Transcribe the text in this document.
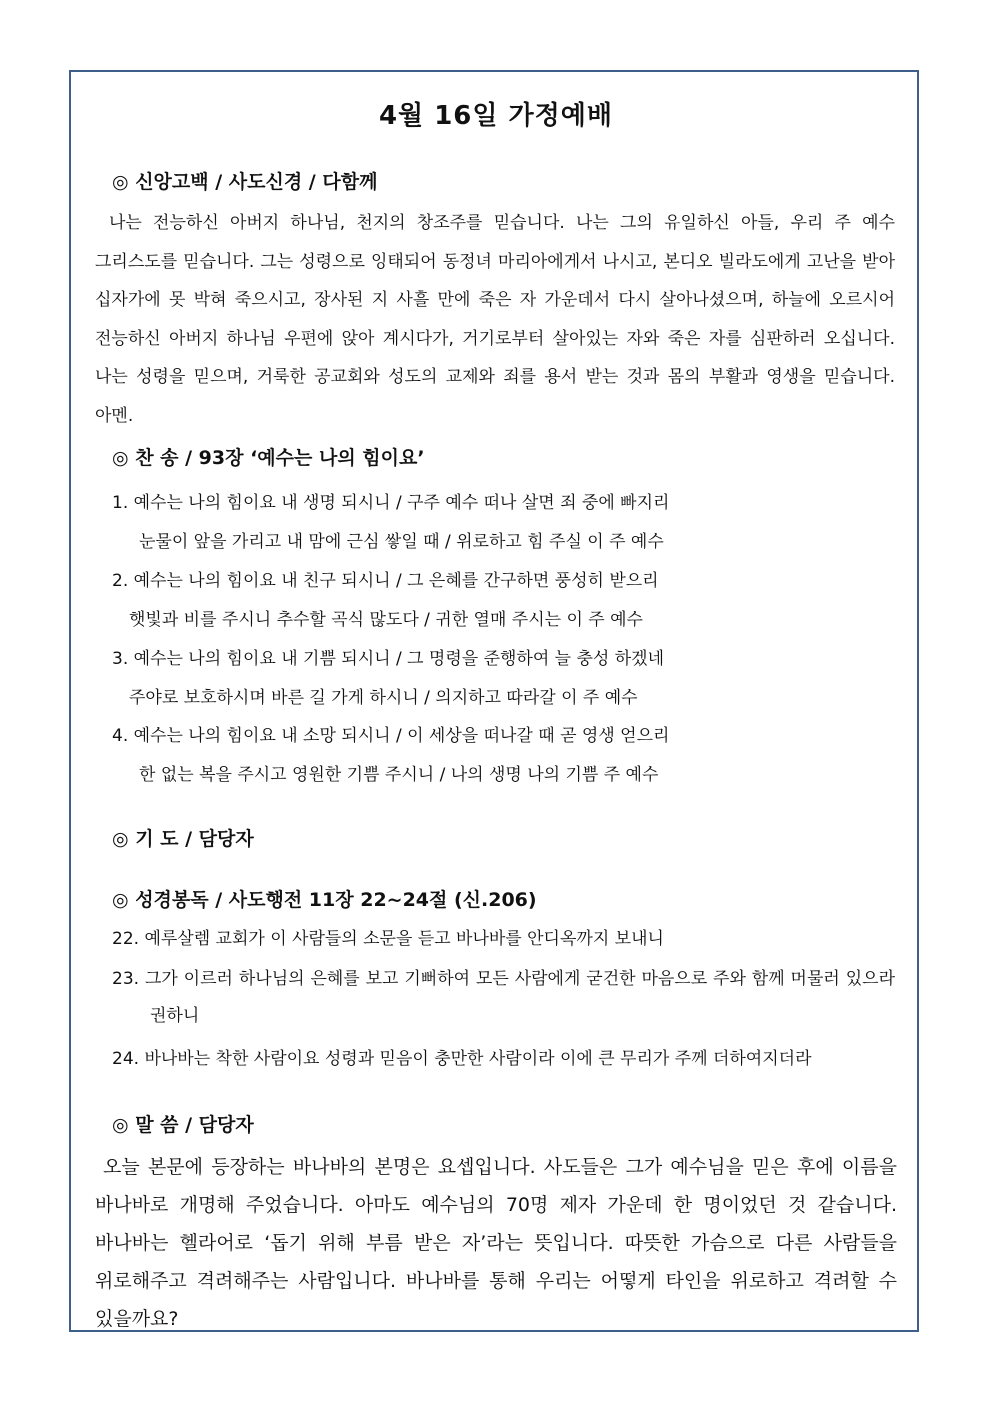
4월 16일 가정예배
◎ 신앙고백 / 사도신경 / 다함께

나는 전능하신 아버지 하나님, 천지의 창조주를 믿습니다. 나는 그의 유일하신 아들, 우리 주 예수 그리스도를 믿습니다. 그는 성령으로 잉태되어 동정녀 마리아에게서 나시고, 본디오 빌라도에게 고난을 받아 십자가에 못 박혀 죽으시고, 장사된 지 사흘 만에 죽은 자 가운데서 다시 살아나셨으며, 하늘에 오르시어 전능하신 아버지 하나님 우편에 앉아 계시다가, 거기로부터 살아있는 자와 죽은 자를 심판하러 오십니다. 나는 성령을 믿으며, 거룩한 공교회와 성도의 교제와 죄를 용서 받는 것과 몸의 부활과 영생을 믿습니다. 아멘.

◎ 찬 송 / 93장 ‘예수는 나의 힘이요’
1. 예수는 나의 힘이요 내 생명 되시니 / 구주 예수 떠나 살면 죄 중에 빠지리
눈물이 앞을 가리고 내 맘에 근심 쌓일 때 / 위로하고 힘 주실 이 주 예수
2. 예수는 나의 힘이요 내 친구 되시니 / 그 은혜를 간구하면 풍성히 받으리
햇빛과 비를 주시니 추수할 곡식 많도다 / 귀한 열매 주시는 이 주 예수
3. 예수는 나의 힘이요 내 기쁨 되시니 / 그 명령을 준행하여 늘 충성 하겠네
주야로 보호하시며 바른 길 가게 하시니 / 의지하고 따라갈 이 주 예수
4. 예수는 나의 힘이요 내 소망 되시니 / 이 세상을 떠나갈 때 곧 영생 얻으리
한 없는 복을 주시고 영원한 기쁨 주시니 / 나의 생명 나의 기쁨 주 예수
◎ 기 도 / 담당자
◎ 성경봉독 / 사도행전 11장 22~24절 (신.206)
22. 예루살렘 교회가 이 사람들의 소문을 듣고 바나바를 안디옥까지 보내니
23. 그가 이르러 하나님의 은혜를 보고 기뻐하여 모든 사람에게 굳건한 마음으로 주와 함께 머물러 있으라 권하니
24. 바나바는 착한 사람이요 성령과 믿음이 충만한 사람이라 이에 큰 무리가 주께 더하여지더라
◎ 말 씀 / 담당자

오늘 본문에 등장하는 바나바의 본명은 요셉입니다. 사도들은 그가 예수님을 믿은 후에 이름을 바나바로 개명해 주었습니다. 아마도 예수님의 70명 제자 가운데 한 명이었던 것 같습니다. 바나바는 헬라어로 ‘돕기 위해 부름 받은 자’라는 뜻입니다. 따뜻한 가슴으로 다른 사람들을 위로해주고 격려해주는 사람입니다. 바나바를 통해 우리는 어떻게 타인을 위로하고 격려할 수 있을까요?
